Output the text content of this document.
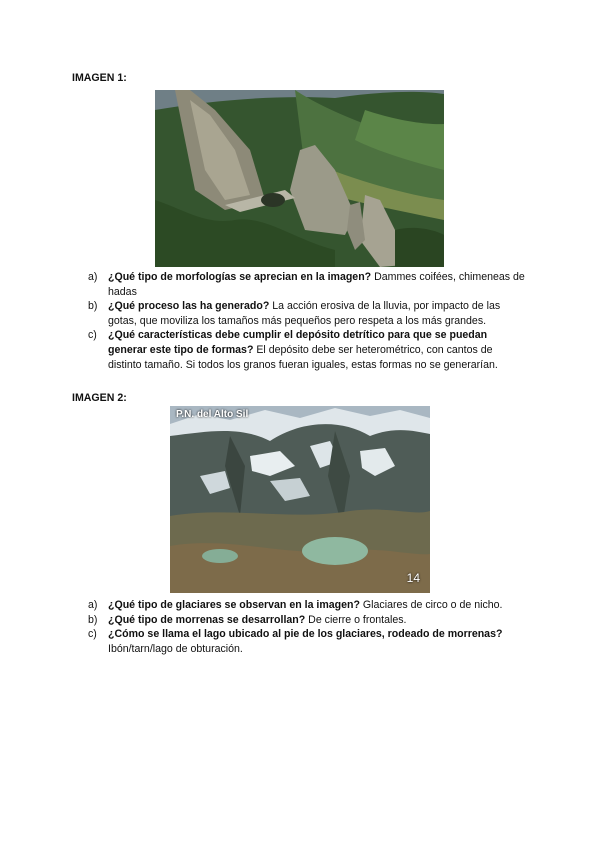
IMAGEN 1:
a) ¿Qué tipo de morfologías se aprecian en la imagen? Dammes coifées, chimeneas de hadas
b) ¿Qué proceso las ha generado? La acción erosiva de la lluvia, por impacto de las gotas, que moviliza los tamaños más pequeños pero respeta a los más grandes.
c)	¿Qué características debe cumplir el depósito detrítico para que se puedan generar este tipo de formas? El depósito debe ser heterométrico, con cantos de distinto tamaño. Si todos los granos fueran iguales, estas formas no se generarían.
IMAGEN 2:
P.N. del Alto Sil
14
a) ¿Qué tipo de glaciares se observan en la imagen? Glaciares de circo o de nicho.
b) ¿Qué tipo de morrenas se desarrollan? De cierre o frontales.
c)	¿Cómo se llama el lago ubicado al pie de los glaciares, rodeado de morrenas? Ibón/tarn/lago de obturación.
